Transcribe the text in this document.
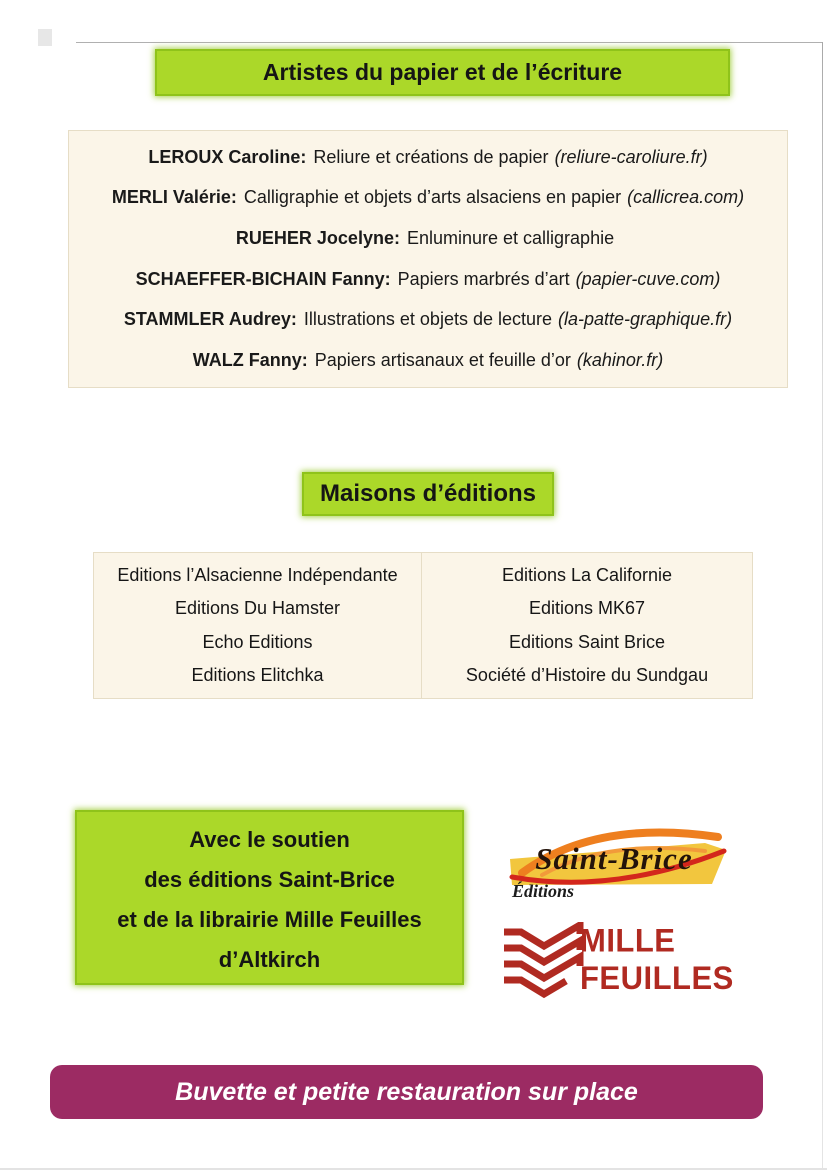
Artistes du papier et de l’écriture
LEROUX Caroline: Reliure et créations de papier (reliure-caroliure.fr)
MERLI Valérie: Calligraphie et objets d’arts alsaciens en papier (callicrea.com)
RUEHER Jocelyne: Enluminure et calligraphie
SCHAEFFER-BICHAIN Fanny: Papiers marbrés d’art (papier-cuve.com)
STAMMLER Audrey: Illustrations et objets de lecture (la-patte-graphique.fr)
WALZ Fanny: Papiers artisanaux et feuille d’or (kahinor.fr)
Maisons d’éditions
Editions l’Alsacienne Indépendante
Editions Du Hamster
Echo Editions
Editions Elitchka
Editions La Californie
Editions MK67
Editions Saint Brice
Société d’Histoire du Sundgau
Avec le soutien
des éditions Saint-Brice
et de la librairie Mille Feuilles
d’Altkirch
Saint-Brice
Éditions
MILLE
FEUILLES
Buvette et petite restauration sur place
